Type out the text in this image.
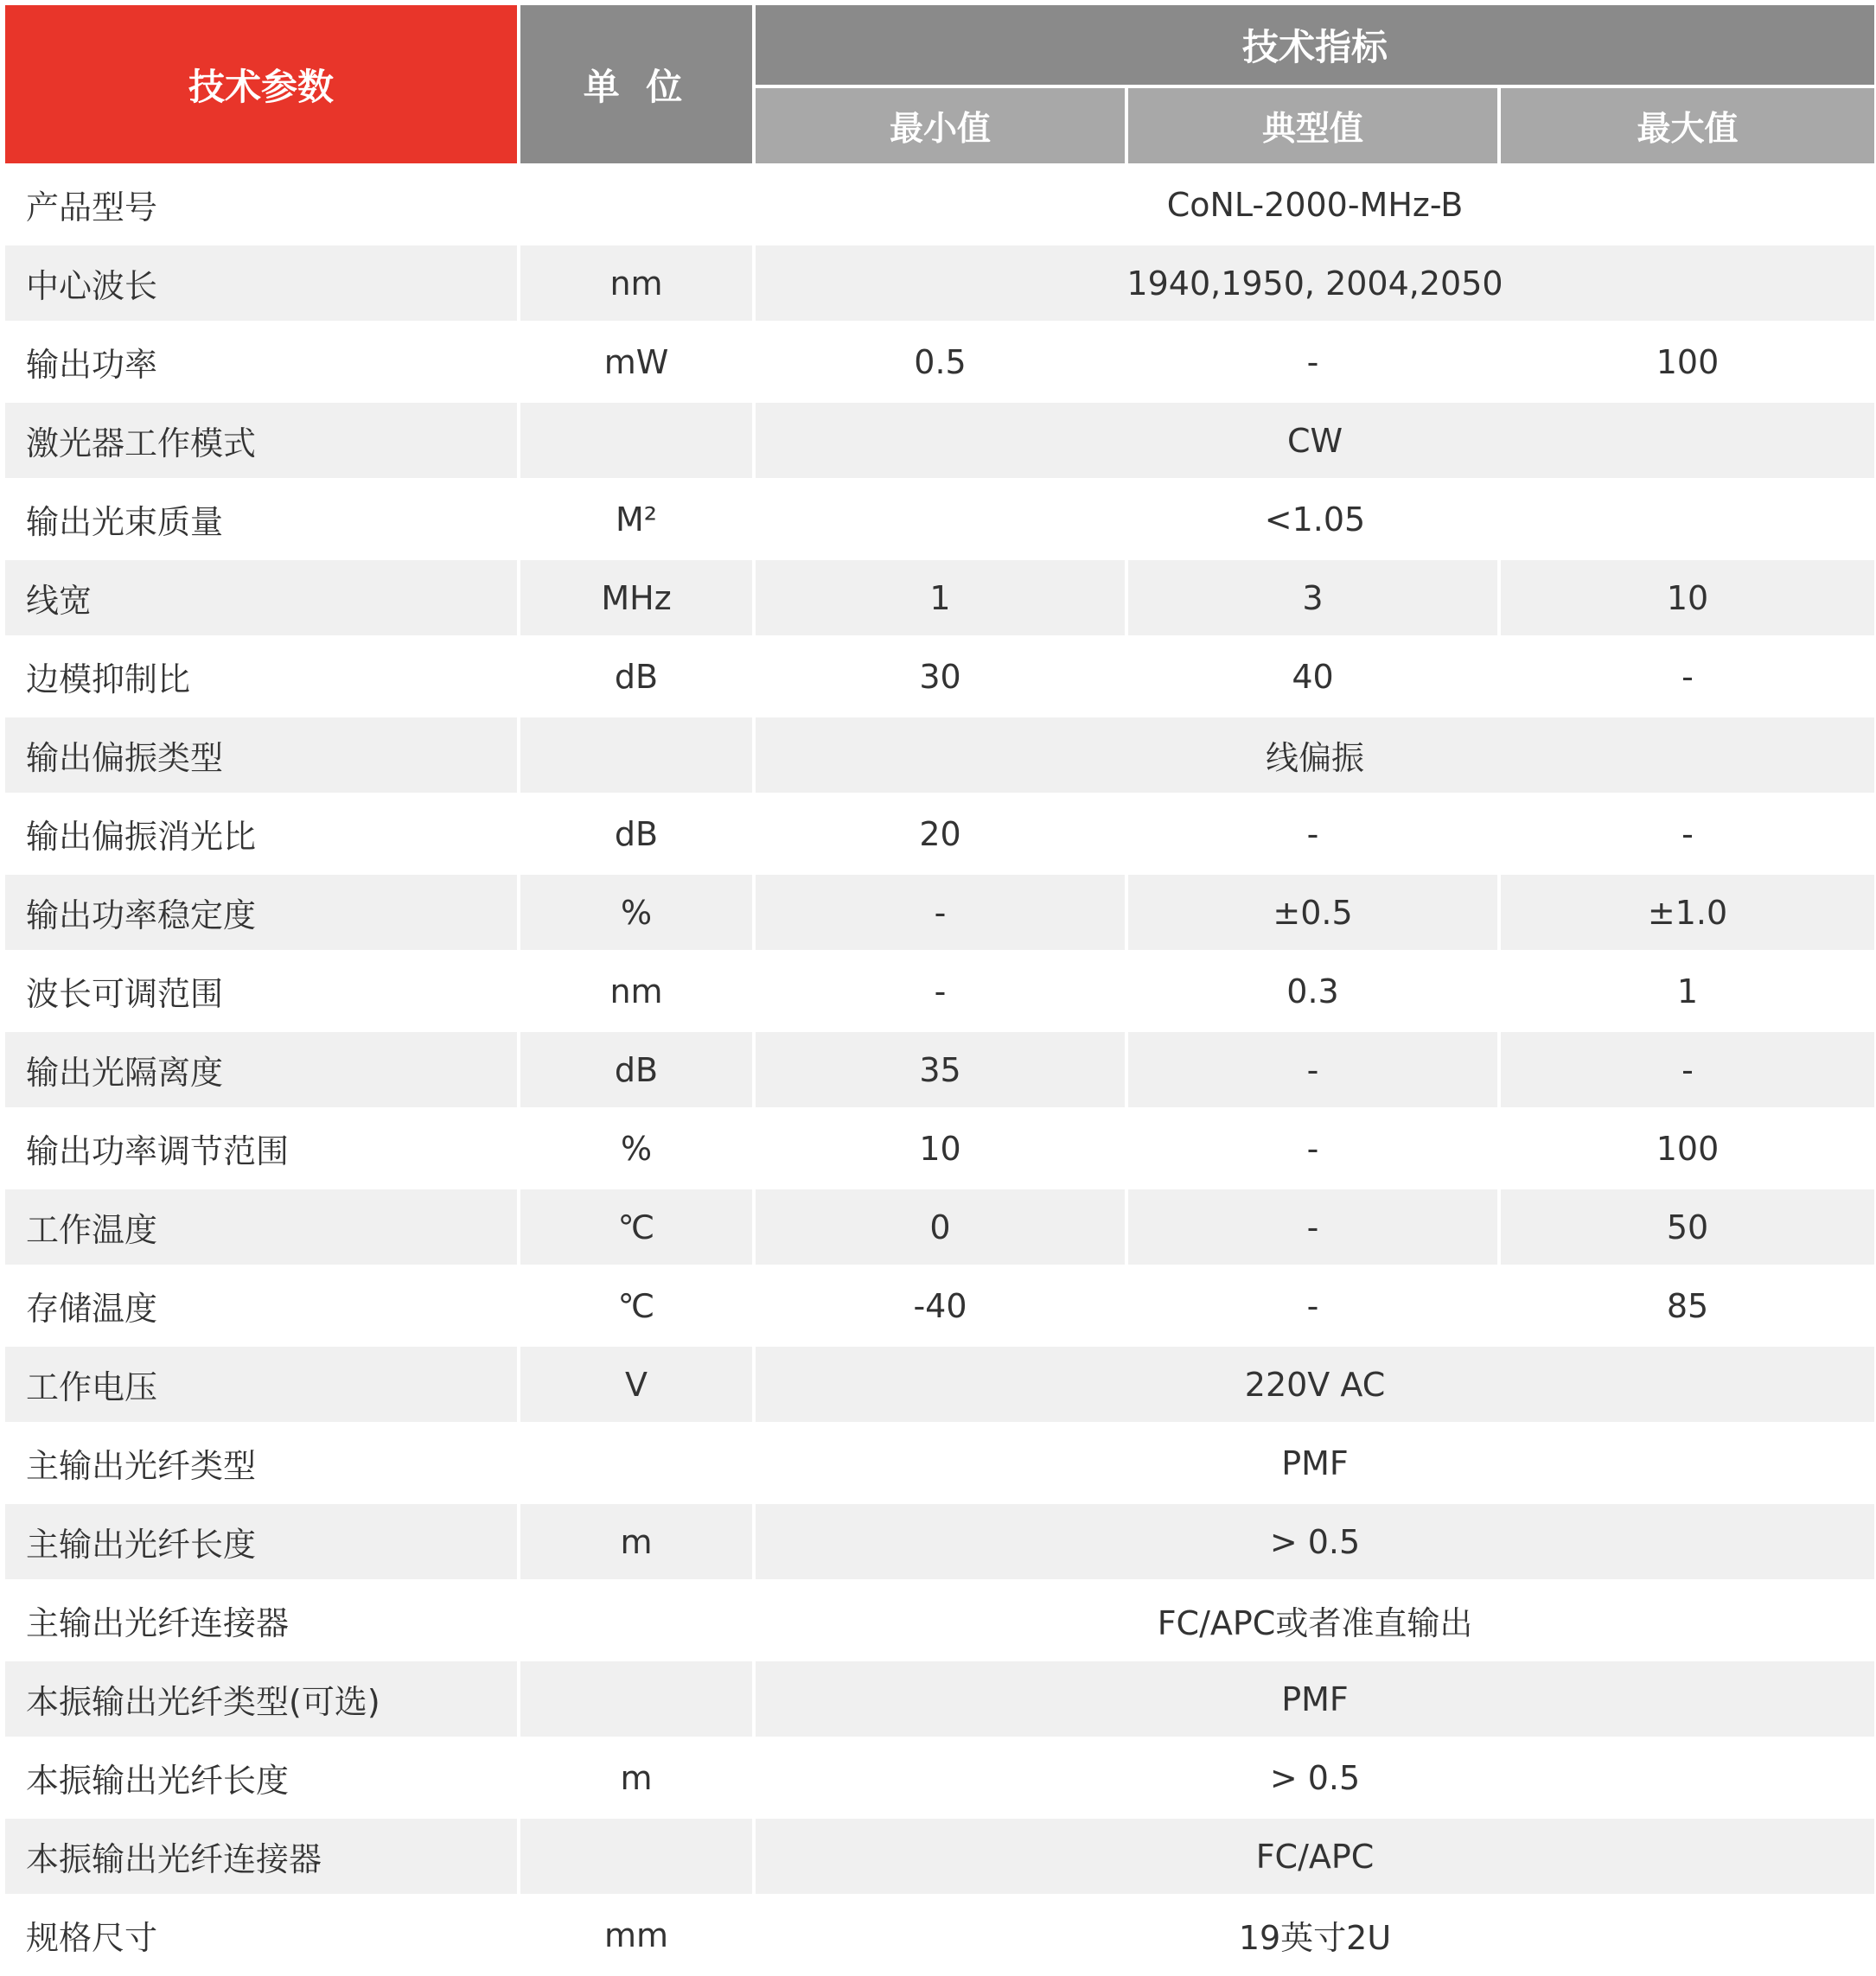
技术参数	单 位	技术指标		
		最小值	典型值	最大值
产品型号		CoNL-2000-MHz-B		
中心波长	nm	1940,1950, 2004,2050		
输出功率	mW	0.5	-	100
激光器工作模式		CW		
输出光束质量	M²	<1.05		
线宽	MHz	1	3	10
边模抑制比	dB	30	40	-
输出偏振类型		线偏振		
输出偏振消光比	dB	20	-	-
输出功率稳定度	%	-	±0.5	±1.0
波长可调范围	nm	-	0.3	1
输出光隔离度	dB	35	-	-
输出功率调节范围	%	10	-	100
工作温度	℃	0	-	50
存储温度	℃	-40	-	85
工作电压	V	220V AC		
主输出光纤类型		PMF		
主输出光纤长度	m	> 0.5		
主输出光纤连接器		FC/APC或者准直输出		
本振输出光纤类型(可选)		PMF		
本振输出光纤长度	m	> 0.5		
本振输出光纤连接器		FC/APC		
规格尺寸	mm	19英寸2U		
